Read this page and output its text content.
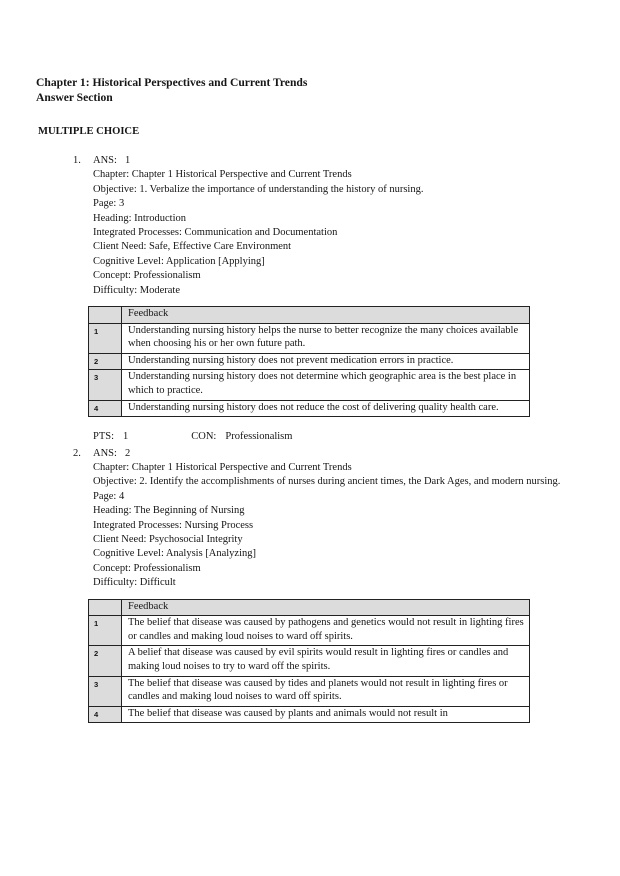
Chapter 1: Historical Perspectives and Current Trends
Answer Section
MULTIPLE CHOICE
1. ANS: 1
Chapter: Chapter 1 Historical Perspective and Current Trends
Objective: 1. Verbalize the importance of understanding the history of nursing.
Page: 3
Heading: Introduction
Integrated Processes: Communication and Documentation
Client Need: Safe, Effective Care Environment
Cognitive Level: Application [Applying]
Concept: Professionalism
Difficulty: Moderate
	Feedback
1	Understanding nursing history helps the nurse to better recognize the many choices available when choosing his or her own future path.
2	Understanding nursing history does not prevent medication errors in practice.
3	Understanding nursing history does not determine which geographic area is the best place in which to practice.
4	Understanding nursing history does not reduce the cost of delivering quality health care.
PTS: 1	CON: Professionalism
2. ANS: 2
Chapter: Chapter 1 Historical Perspective and Current Trends
Objective: 2. Identify the accomplishments of nurses during ancient times, the Dark Ages, and modern nursing.
Page: 4
Heading: The Beginning of Nursing
Integrated Processes: Nursing Process
Client Need: Psychosocial Integrity
Cognitive Level: Analysis [Analyzing]
Concept: Professionalism
Difficulty: Difficult
	Feedback
1	The belief that disease was caused by pathogens and genetics would not result in lighting fires or candles and making loud noises to ward off spirits.
2	A belief that disease was caused by evil spirits would result in lighting fires or candles and making loud noises to try to ward off the spirits.
3	The belief that disease was caused by tides and planets would not result in lighting fires or candles and making loud noises to ward off spirits.
4	The belief that disease was caused by plants and animals would not result in
